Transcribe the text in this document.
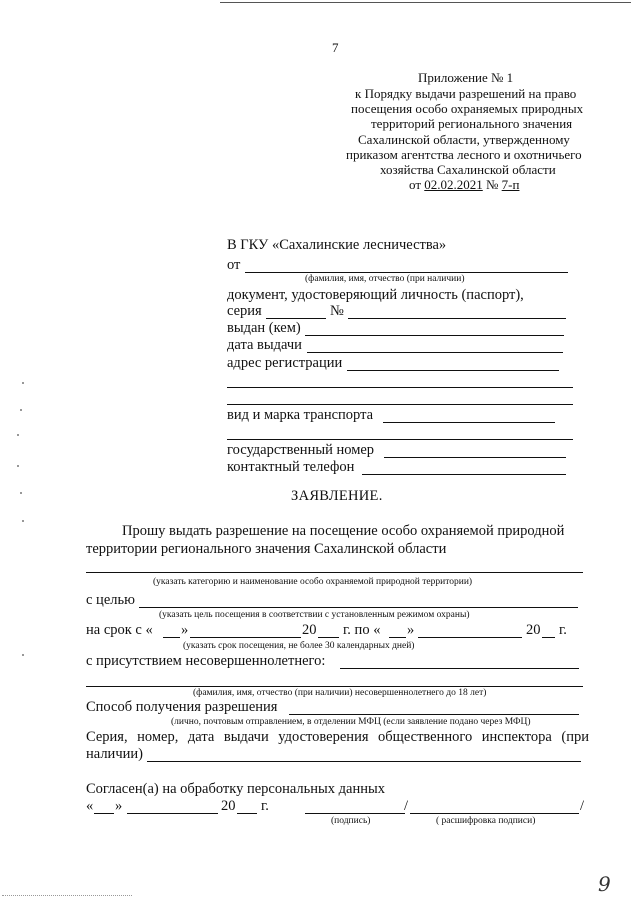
7
Приложение № 1
к Порядку выдачи разрешений на право
посещения особо охраняемых природных
территорий регионального значения
Сахалинской области, утвержденному
приказом агентства лесного и охотничьего
хозяйства Сахалинской области
от 02.02.2021 № 7-п
В ГКУ «Сахалинские лесничества»
от
(фамилия, имя, отчество (при наличии)
документ, удостоверяющий личность (паспорт),
серия	№
выдан (кем)
дата выдачи
адрес регистрации
вид и марка транспорта
государственный номер
контактный телефон
ЗАЯВЛЕНИЕ.
Прошу выдать разрешение на посещение особо охраняемой природной
территории регионального значения Сахалинской области
(указать категорию и наименование особо охраняемой природной территории)
с целью
(указать цель посещения в соответствии с установленным режимом охраны)
на срок с « »	20 г. по « »	20 г.
(указать срок посещения, не более 30 календарных дней)
с присутствием несовершеннолетнего:
(фамилия, имя, отчество (при наличии) несовершеннолетнего до 18 лет)
Способ получения разрешения
(лично, почтовым отправлением, в отделении МФЦ (если заявление подано через МФЦ)
Серия, номер, дата выдачи удостоверения общественного инспектора (при
наличии)
Согласен(а) на обработку персональных данных
« »	20 г.	/	/
(подпись)	( расшифровка подписи)
9
